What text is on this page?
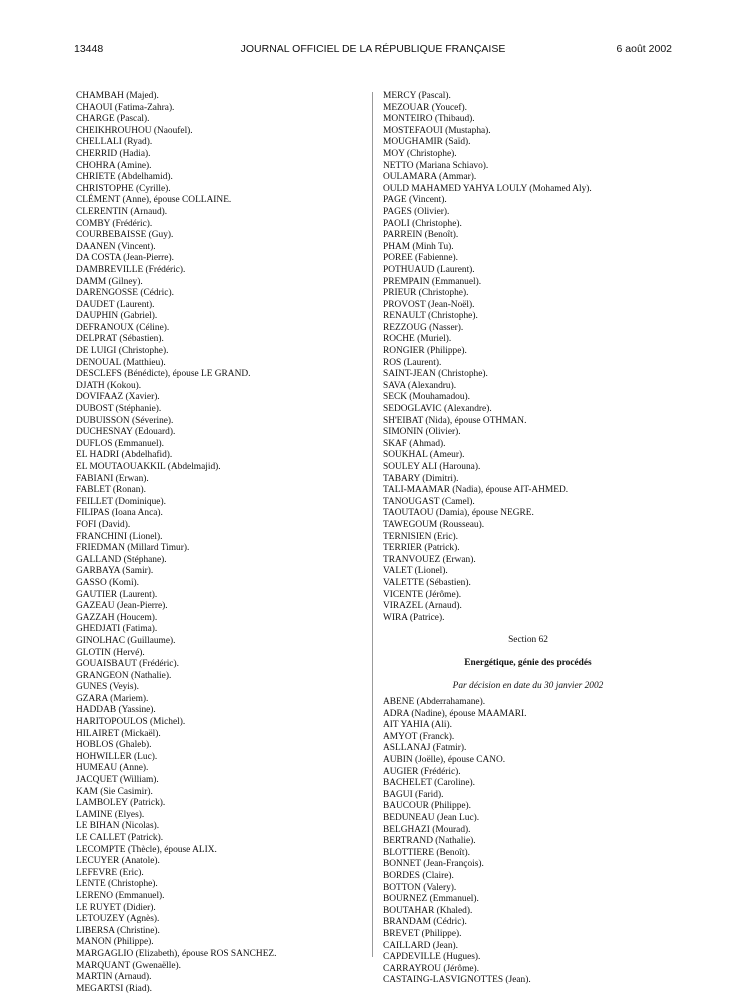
13448	JOURNAL OFFICIEL DE LA RÉPUBLIQUE FRANÇAISE	6 août 2002
CHAMBAH (Majed).
CHAOUI (Fatima-Zahra).
CHARGE (Pascal).
CHEIKHROUHOU (Naoufel).
CHELLALI (Ryad).
CHERRID (Hadia).
CHOHRA (Amine).
CHRIETE (Abdelhamid).
CHRISTOPHE (Cyrille).
CLÉMENT (Anne), épouse COLLAINE.
CLERENTIN (Arnaud).
COMBY (Frédéric).
COURBEBAISSE (Guy).
DAANEN (Vincent).
DA COSTA (Jean-Pierre).
DAMBREVILLE (Frédéric).
DAMM (Gilney).
DARENGOSSE (Cédric).
DAUDET (Laurent).
DAUPHIN (Gabriel).
DEFRANOUX (Céline).
DELPRAT (Sébastien).
DE LUIGI (Christophe).
DENOUAL (Matthieu).
DESCLEFS (Bénédicte), épouse LE GRAND.
DJATH (Kokou).
DOVIFAAZ (Xavier).
DUBOST (Stéphanie).
DUBUISSON (Séverine).
DUCHESNAY (Edouard).
DUFLOS (Emmanuel).
EL HADRI (Abdelhafid).
EL MOUTAOUAKKIL (Abdelmajid).
FABIANI (Erwan).
FABLET (Ronan).
FEILLET (Dominique).
FILIPAS (Ioana Anca).
FOFI (David).
FRANCHINI (Lionel).
FRIEDMAN (Millard Timur).
GALLAND (Stéphane).
GARBAYA (Samir).
GASSO (Komi).
GAUTIER (Laurent).
GAZEAU (Jean-Pierre).
GAZZAH (Houcem).
GHEDJATI (Fatima).
GINOLHAC (Guillaume).
GLOTIN (Hervé).
GOUAISBAUT (Frédéric).
GRANGEON (Nathalie).
GUNES (Veyis).
GZARA (Mariem).
HADDAB (Yassine).
HARITOPOULOS (Michel).
HILAIRET (Mickaël).
HOBLOS (Ghaleb).
HOHWILLER (Luc).
HUMEAU (Anne).
JACQUET (William).
KAM (Sie Casimir).
LAMBOLEY (Patrick).
LAMINE (Elyes).
LE BIHAN (Nicolas).
LE CALLET (Patrick).
LECOMPTE (Thècle), épouse ALIX.
LECUYER (Anatole).
LEFEVRE (Eric).
LENTE (Christophe).
LERENO (Emmanuel).
LE RUYET (Didier).
LETOUZEY (Agnès).
LIBERSA (Christine).
MANON (Philippe).
MARGAGLIO (Elizabeth), épouse ROS SANCHEZ.
MARQUANT (Gwenaëlle).
MARTIN (Arnaud).
MEGARTSI (Riad).
MERCY (Pascal).
MEZOUAR (Youcef).
MONTEIRO (Thibaud).
MOSTEFAOUI (Mustapha).
MOUGHAMIR (Saïd).
MOY (Christophe).
NETTO (Mariana Schiavo).
OULAMARA (Ammar).
OULD MAHAMED YAHYA LOULY (Mohamed Aly).
PAGE (Vincent).
PAGES (Olivier).
PAOLI (Christophe).
PARREIN (Benoît).
PHAM (Minh Tu).
POREE (Fabienne).
POTHUAUD (Laurent).
PREMPAIN (Emmanuel).
PRIEUR (Christophe).
PROVOST (Jean-Noël).
RENAULT (Christophe).
REZZOUG (Nasser).
ROCHE (Muriel).
RONGIER (Philippe).
ROS (Laurent).
SAINT-JEAN (Christophe).
SAVA (Alexandru).
SECK (Mouhamadou).
SEDOGLAVIC (Alexandre).
SH'EIBAT (Nida), épouse OTHMAN.
SIMONIN (Olivier).
SKAF (Ahmad).
SOUKHAL (Ameur).
SOULEY ALI (Harouna).
TABARY (Dimitri).
TALI-MAAMAR (Nadia), épouse AIT-AHMED.
TANOUGAST (Camel).
TAOUTAOU (Damia), épouse NEGRE.
TAWEGOUM (Rousseau).
TERNISIEN (Eric).
TERRIER (Patrick).
TRANVOUEZ (Erwan).
VALET (Lionel).
VALETTE (Sébastien).
VICENTE (Jérôme).
VIRAZEL (Arnaud).
WIRA (Patrice).
Section 62
Energétique, génie des procédés
Par décision en date du 30 janvier 2002
ABENE (Abderrahamane).
ADRA (Nadine), épouse MAAMARI.
AIT YAHIA (Ali).
AMYOT (Franck).
ASLLANAJ (Fatmir).
AUBIN (Joëlle), épouse CANO.
AUGIER (Frédéric).
BACHELET (Caroline).
BAGUI (Farid).
BAUCOUR (Philippe).
BEDUNEAU (Jean Luc).
BELGHAZI (Mourad).
BERTRAND (Nathalie).
BLOTTIERE (Benoît).
BONNET (Jean-François).
BORDES (Claire).
BOTTON (Valery).
BOURNEZ (Emmanuel).
BOUTAHAR (Khaled).
BRANDAM (Cédric).
BREVET (Philippe).
CAILLARD (Jean).
CAPDEVILLE (Hugues).
CARRAYROU (Jérôme).
CASTAING-LASVIGNOTTES (Jean).
